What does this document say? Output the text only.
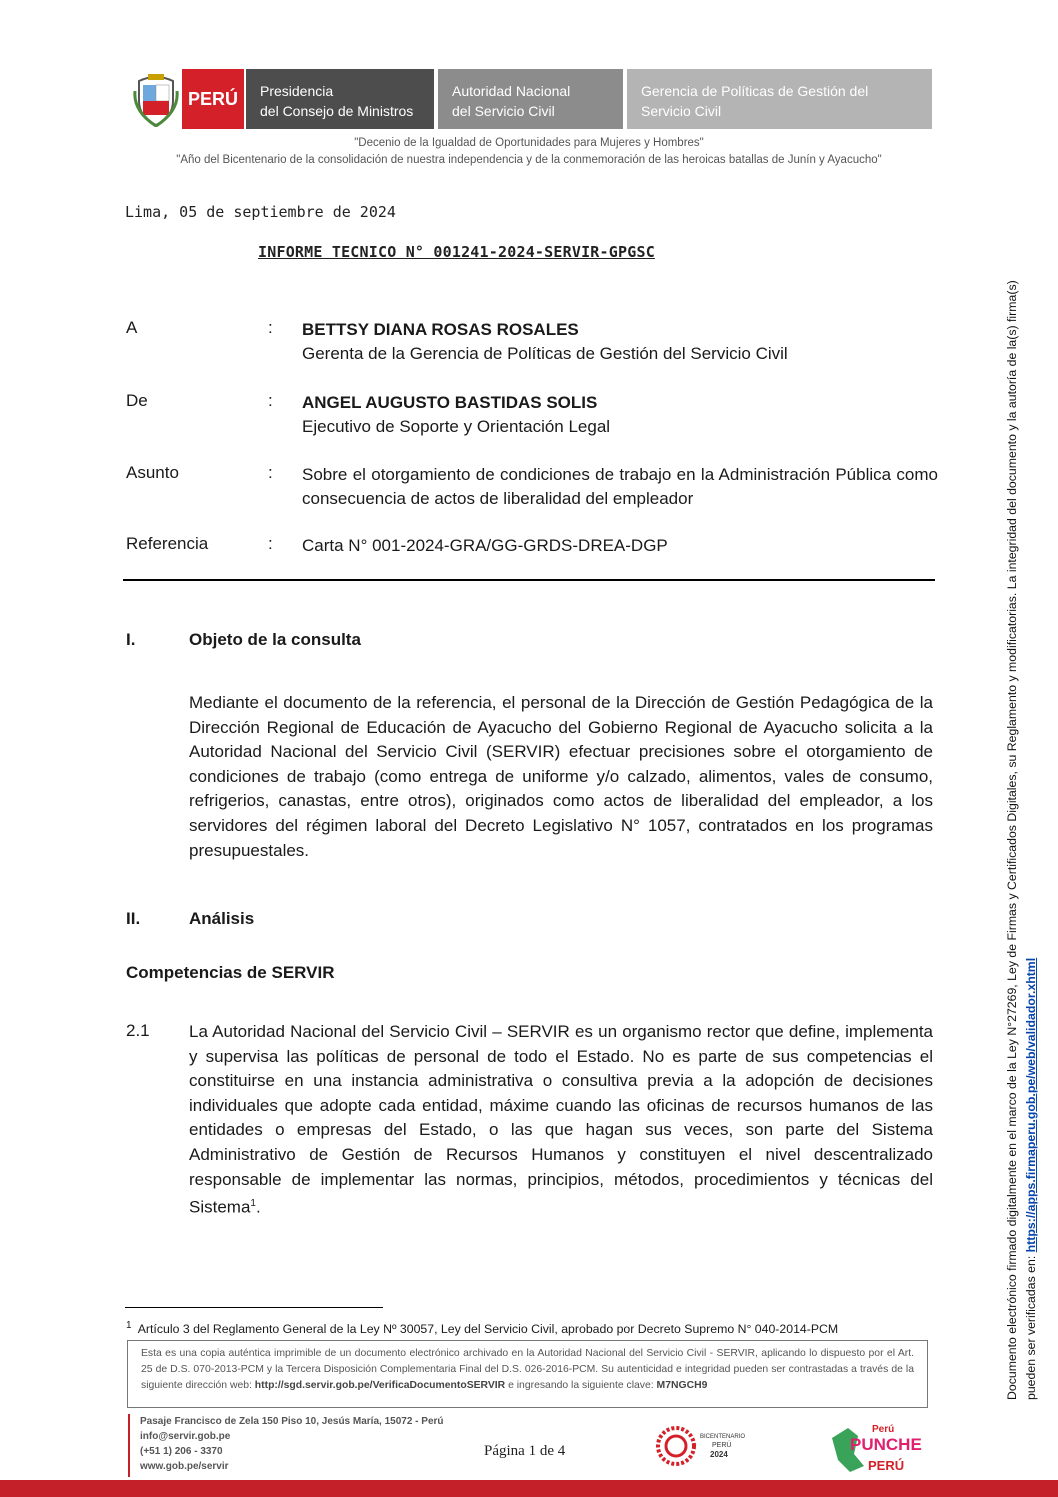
PERÚ	Presidencia
del Consejo de Ministros
Autoridad Nacional
del Servicio Civil
Gerencia de Políticas de Gestión del
Servicio Civil
"Decenio de la Igualdad de Oportunidades para Mujeres y Hombres"
"Año del Bicentenario de la consolidación de nuestra independencia y de la conmemoración de las heroicas batallas de Junín y Ayacucho"
Lima, 05 de septiembre de 2024
INFORME TECNICO N° 001241-2024-SERVIR-GPGSC
A	: BETTSY DIANA ROSAS ROSALES
Gerenta de la Gerencia de Políticas de Gestión del Servicio Civil
De	: ANGEL AUGUSTO BASTIDAS SOLIS
Ejecutivo de Soporte y Orientación Legal
Asunto	: Sobre el otorgamiento de condiciones de trabajo en la Administración Pública como consecuencia de actos de liberalidad del empleador
Referencia	: Carta N° 001-2024-GRA/GG-GRDS-DREA-DGP
I.	Objeto de la consulta
Mediante el documento de la referencia, el personal de la Dirección de Gestión Pedagógica de la Dirección Regional de Educación de Ayacucho del Gobierno Regional de Ayacucho solicita a la Autoridad Nacional del Servicio Civil (SERVIR) efectuar precisiones sobre el otorgamiento de condiciones de trabajo (como entrega de uniforme y/o calzado, alimentos, vales de consumo, refrigerios, canastas, entre otros), originados como actos de liberalidad del empleador, a los servidores del régimen laboral del Decreto Legislativo N° 1057, contratados en los programas presupuestales.
II.	Análisis
Competencias de SERVIR
2.1 La Autoridad Nacional del Servicio Civil – SERVIR es un organismo rector que define, implementa y supervisa las políticas de personal de todo el Estado. No es parte de sus competencias el constituirse en una instancia administrativa o consultiva previa a la adopción de decisiones individuales que adopte cada entidad, máxime cuando las oficinas de recursos humanos de las entidades o empresas del Estado, o las que hagan sus veces, son parte del Sistema Administrativo de Gestión de Recursos Humanos y constituyen el nivel descentralizado responsable de implementar las normas, principios, métodos, procedimientos y técnicas del Sistema$^1$.
$^1$ Artículo 3 del Reglamento General de la Ley Nº 30057, Ley del Servicio Civil, aprobado por Decreto Supremo N° 040-2014-PCM
Esta es una copia auténtica imprimible de un documento electrónico archivado en la Autoridad Nacional del Servicio Civil - SERVIR, aplicando lo dispuesto por el Art. 25 de D.S. 070-2013-PCM y la Tercera Disposición Complementaria Final del D.S. 026-2016-PCM. Su autenticidad e integridad pueden ser contrastadas a través de la siguiente dirección web: http://sgd.servir.gob.pe/VerificaDocumentoSERVIR e ingresando la siguiente clave: M7NGCH9
Pasaje Francisco de Zela 150 Piso 10, Jesús María, 15072 - Perú
info@servir.gob.pe
(+51 1) 206 - 3370
www.gob.pe/servir
Página 1 de 4
BICENTENARIO
PERÚ
2024
Perú
PUNCHE
PERÚ
Documento electrónico firmado digitalmente en el marco de la Ley N°27269, Ley de Firmas y Certificados Digitales, su Reglamento y modificatorias. La integridad del documento y la autoría de la(s) firma(s) pueden ser verificadas en: https://apps.firmaperu.gob.pe/web/validador.xhtml
